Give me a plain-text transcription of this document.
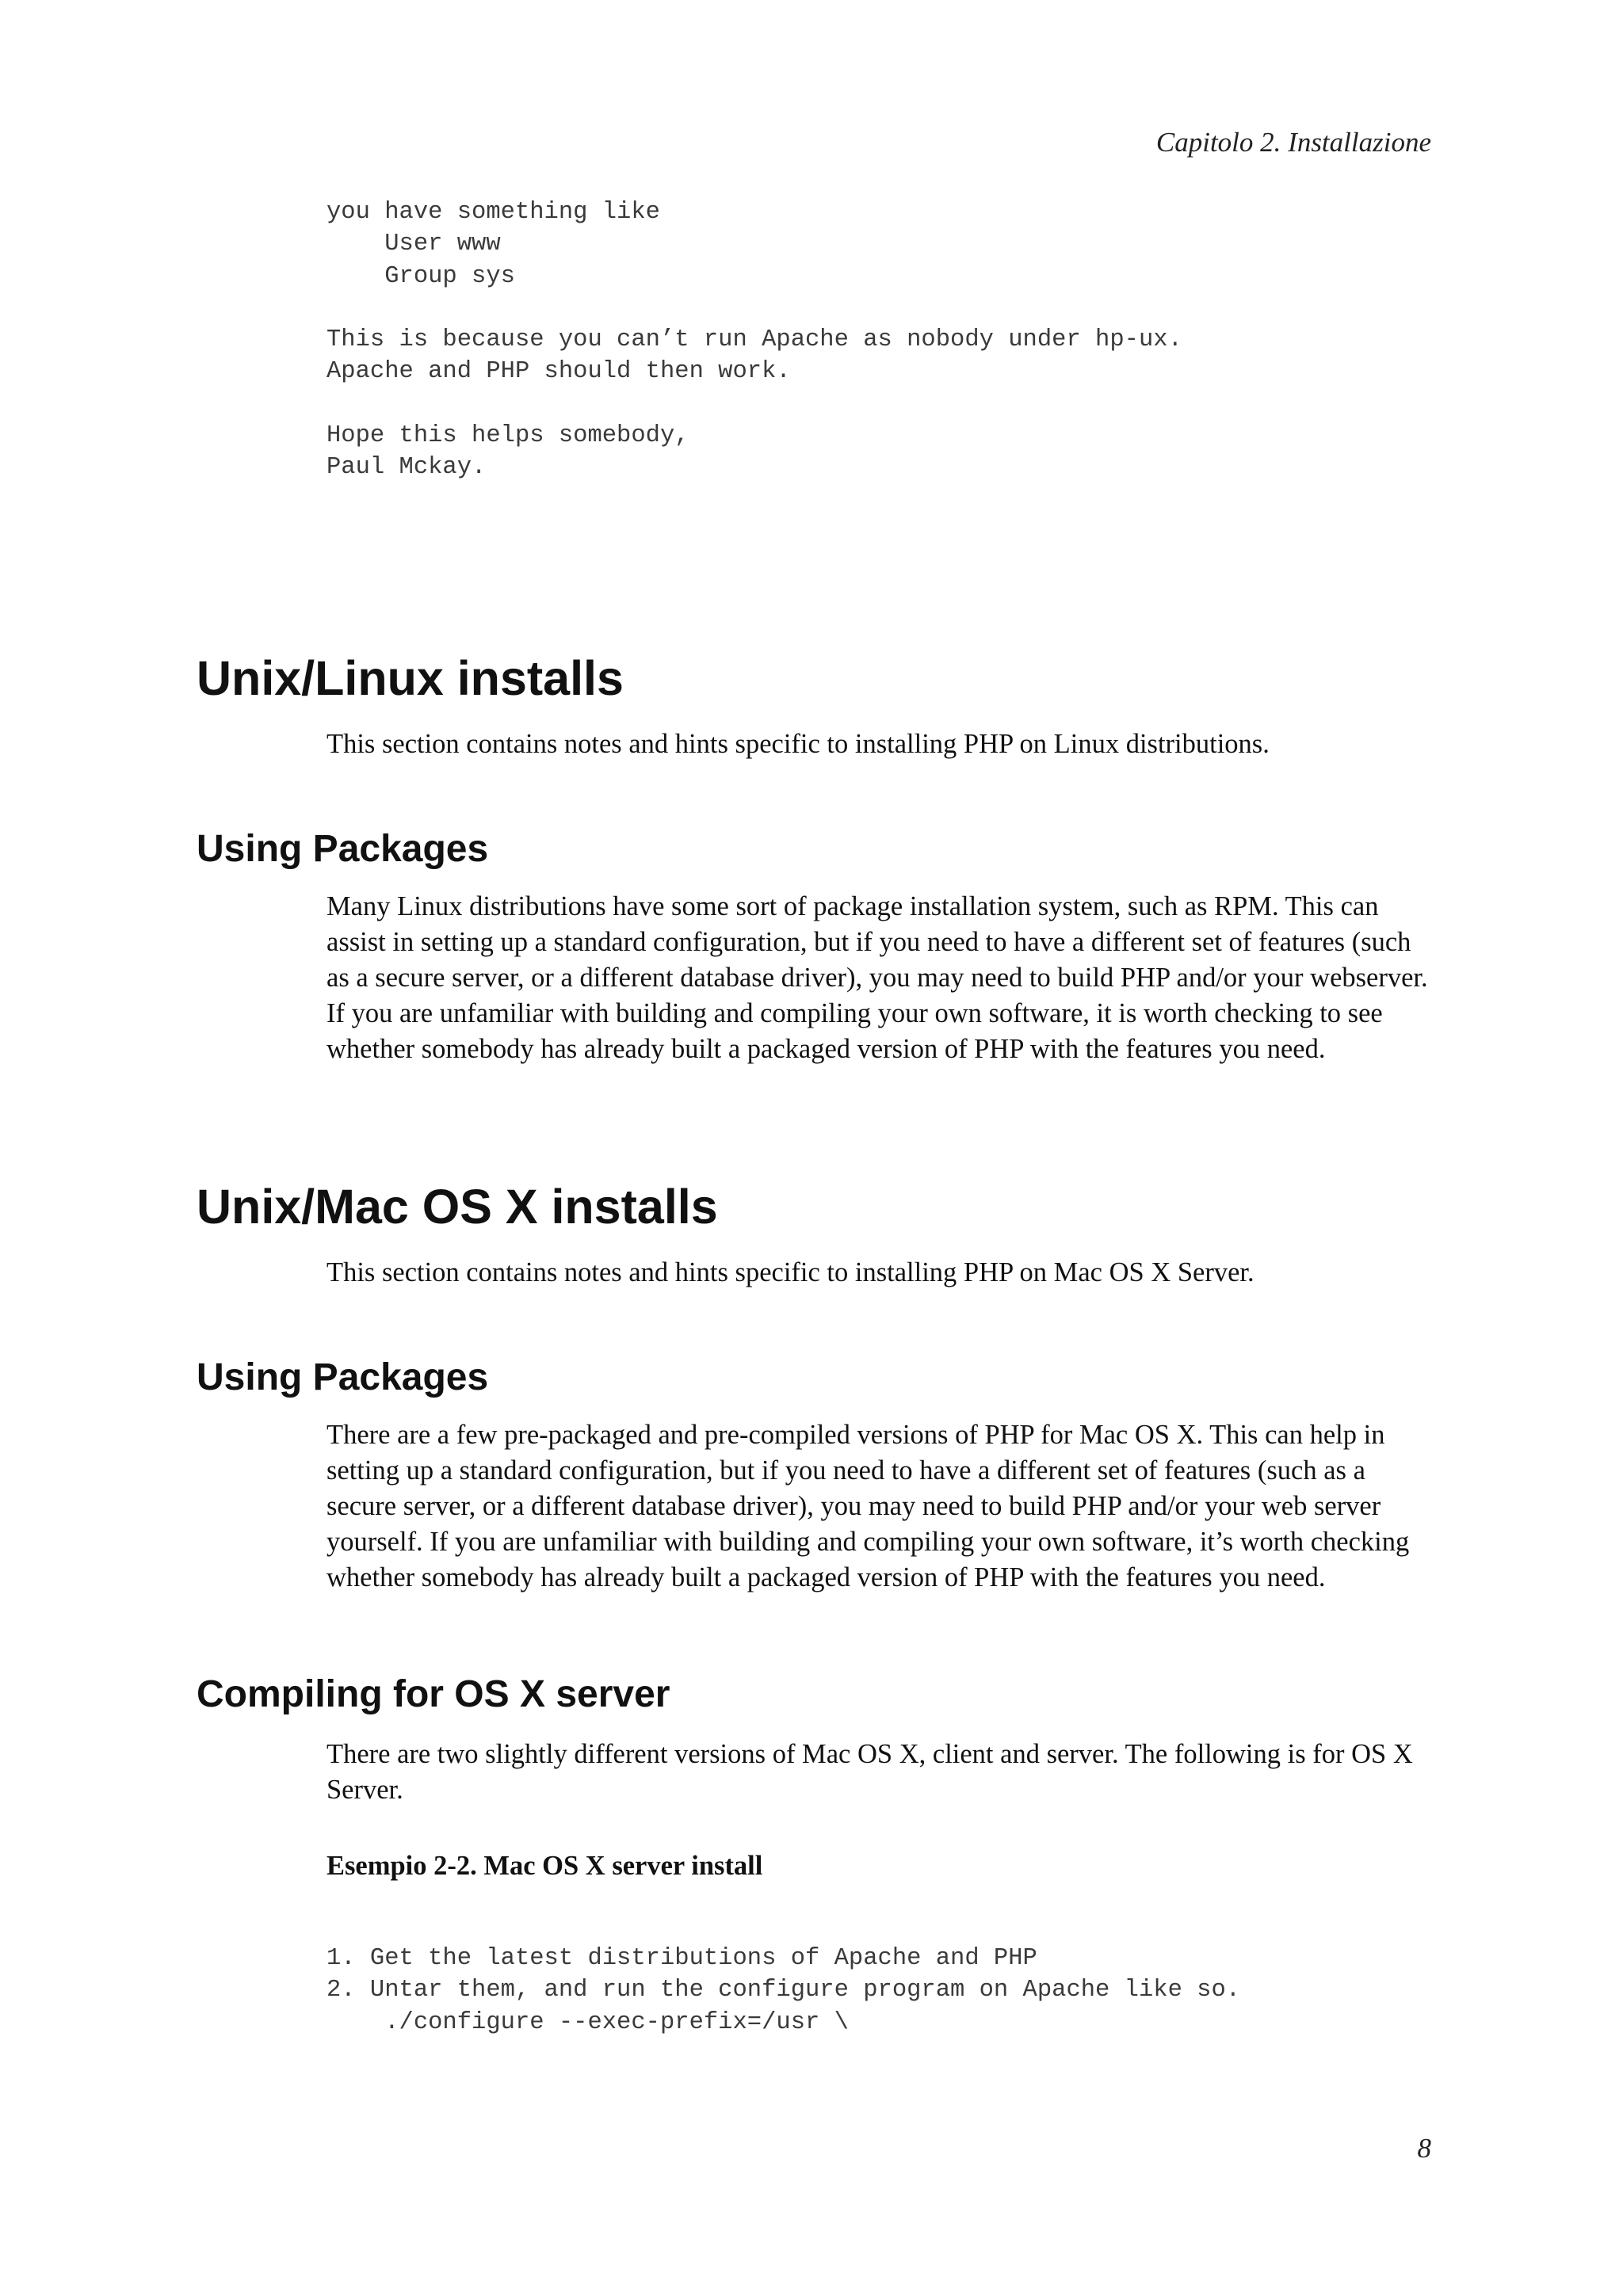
Capitolo 2. Installazione
you have something like
User www
Group sys

This is because you can’t run Apache as nobody under hp-ux.
Apache and PHP should then work.

Hope this helps somebody,
Paul Mckay.
Unix/Linux installs

This section contains notes and hints specific to installing PHP on Linux distributions.

Using Packages

Many Linux distributions have some sort of package installation system, such as RPM. This can
assist in setting up a standard configuration, but if you need to have a different set of features (such
as a secure server, or a different database driver), you may need to build PHP and/or your webserver.
If you are unfamiliar with building and compiling your own software, it is worth checking to see
whether somebody has already built a packaged version of PHP with the features you need.

Unix/Mac OS X installs

This section contains notes and hints specific to installing PHP on Mac OS X Server.

Using Packages

There are a few pre-packaged and pre-compiled versions of PHP for Mac OS X. This can help in
setting up a standard configuration, but if you need to have a different set of features (such as a
secure server, or a different database driver), you may need to build PHP and/or your web server
yourself. If you are unfamiliar with building and compiling your own software, it’s worth checking
whether somebody has already built a packaged version of PHP with the features you need.

Compiling for OS X server

There are two slightly different versions of Mac OS X, client and server. The following is for OS X
Server.

Esempio 2-2. Mac OS X server install
1. Get the latest distributions of Apache and PHP
2. Untar them, and run the configure program on Apache like so.
./configure --exec-prefix=/usr \
8
